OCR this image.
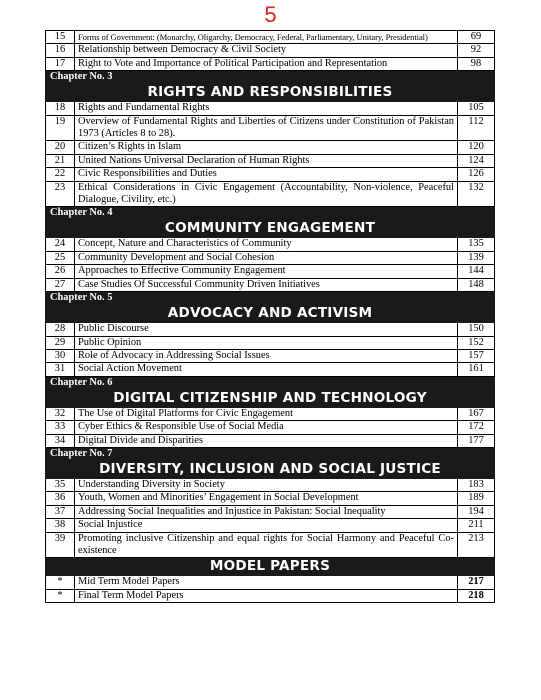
5
15	Forms of Government: (Monarchy, Oligarchy, Democracy, Federal, Parliamentary, Unitary, Presidential)	69
16	Relationship between Democracy & Civil Society	92
17	Right to Vote and Importance of Political Participation and Representation	98
Chapter No. 3		
RIGHTS AND RESPONSIBILITIES		
18	Rights and Fundamental Rights	105
19	Overview of Fundamental Rights and Liberties of Citizens under Constitution of Pakistan 1973 (Articles 8 to 28).	112
20	Citizen’s Rights in Islam	120
21	United Nations Universal Declaration of Human Rights	124
22	Civic Responsibilities and Duties	126
23	Ethical Considerations in Civic Engagement (Accountability, Non-violence, Peaceful Dialogue, Civility, etc.)	132
Chapter No. 4		
COMMUNITY ENGAGEMENT		
24	Concept, Nature and Characteristics of Community	135
25	Community Development and Social Cohesion	139
26	Approaches to Effective Community Engagement	144
27	Case Studies Of Successful Community Driven Initiatives	148
Chapter No. 5		
ADVOCACY AND ACTIVISM		
28	Public Discourse	150
29	Public Opinion	152
30	Role of Advocacy in Addressing Social Issues	157
31	Social Action Movement	161
Chapter No. 6		
DIGITAL CITIZENSHIP AND TECHNOLOGY		
32	The Use of Digital Platforms for Civic Engagement	167
33	Cyber Ethics & Responsible Use of Social Media	172
34	Digital Divide and Disparities	177
Chapter No. 7		
DIVERSITY, INCLUSION AND SOCIAL JUSTICE		
35	Understanding Diversity in Society	183
36	Youth, Women and Minorities’ Engagement in Social Development	189
37	Addressing Social Inequalities and Injustice in Pakistan: Social Inequality	194
38	Social Injustice	211
39	Promoting inclusive Citizenship and equal rights for Social Harmony and Peaceful Co-existence	213
MODEL PAPERS		
*	Mid Term Model Papers	217
*	Final Term Model Papers	218
